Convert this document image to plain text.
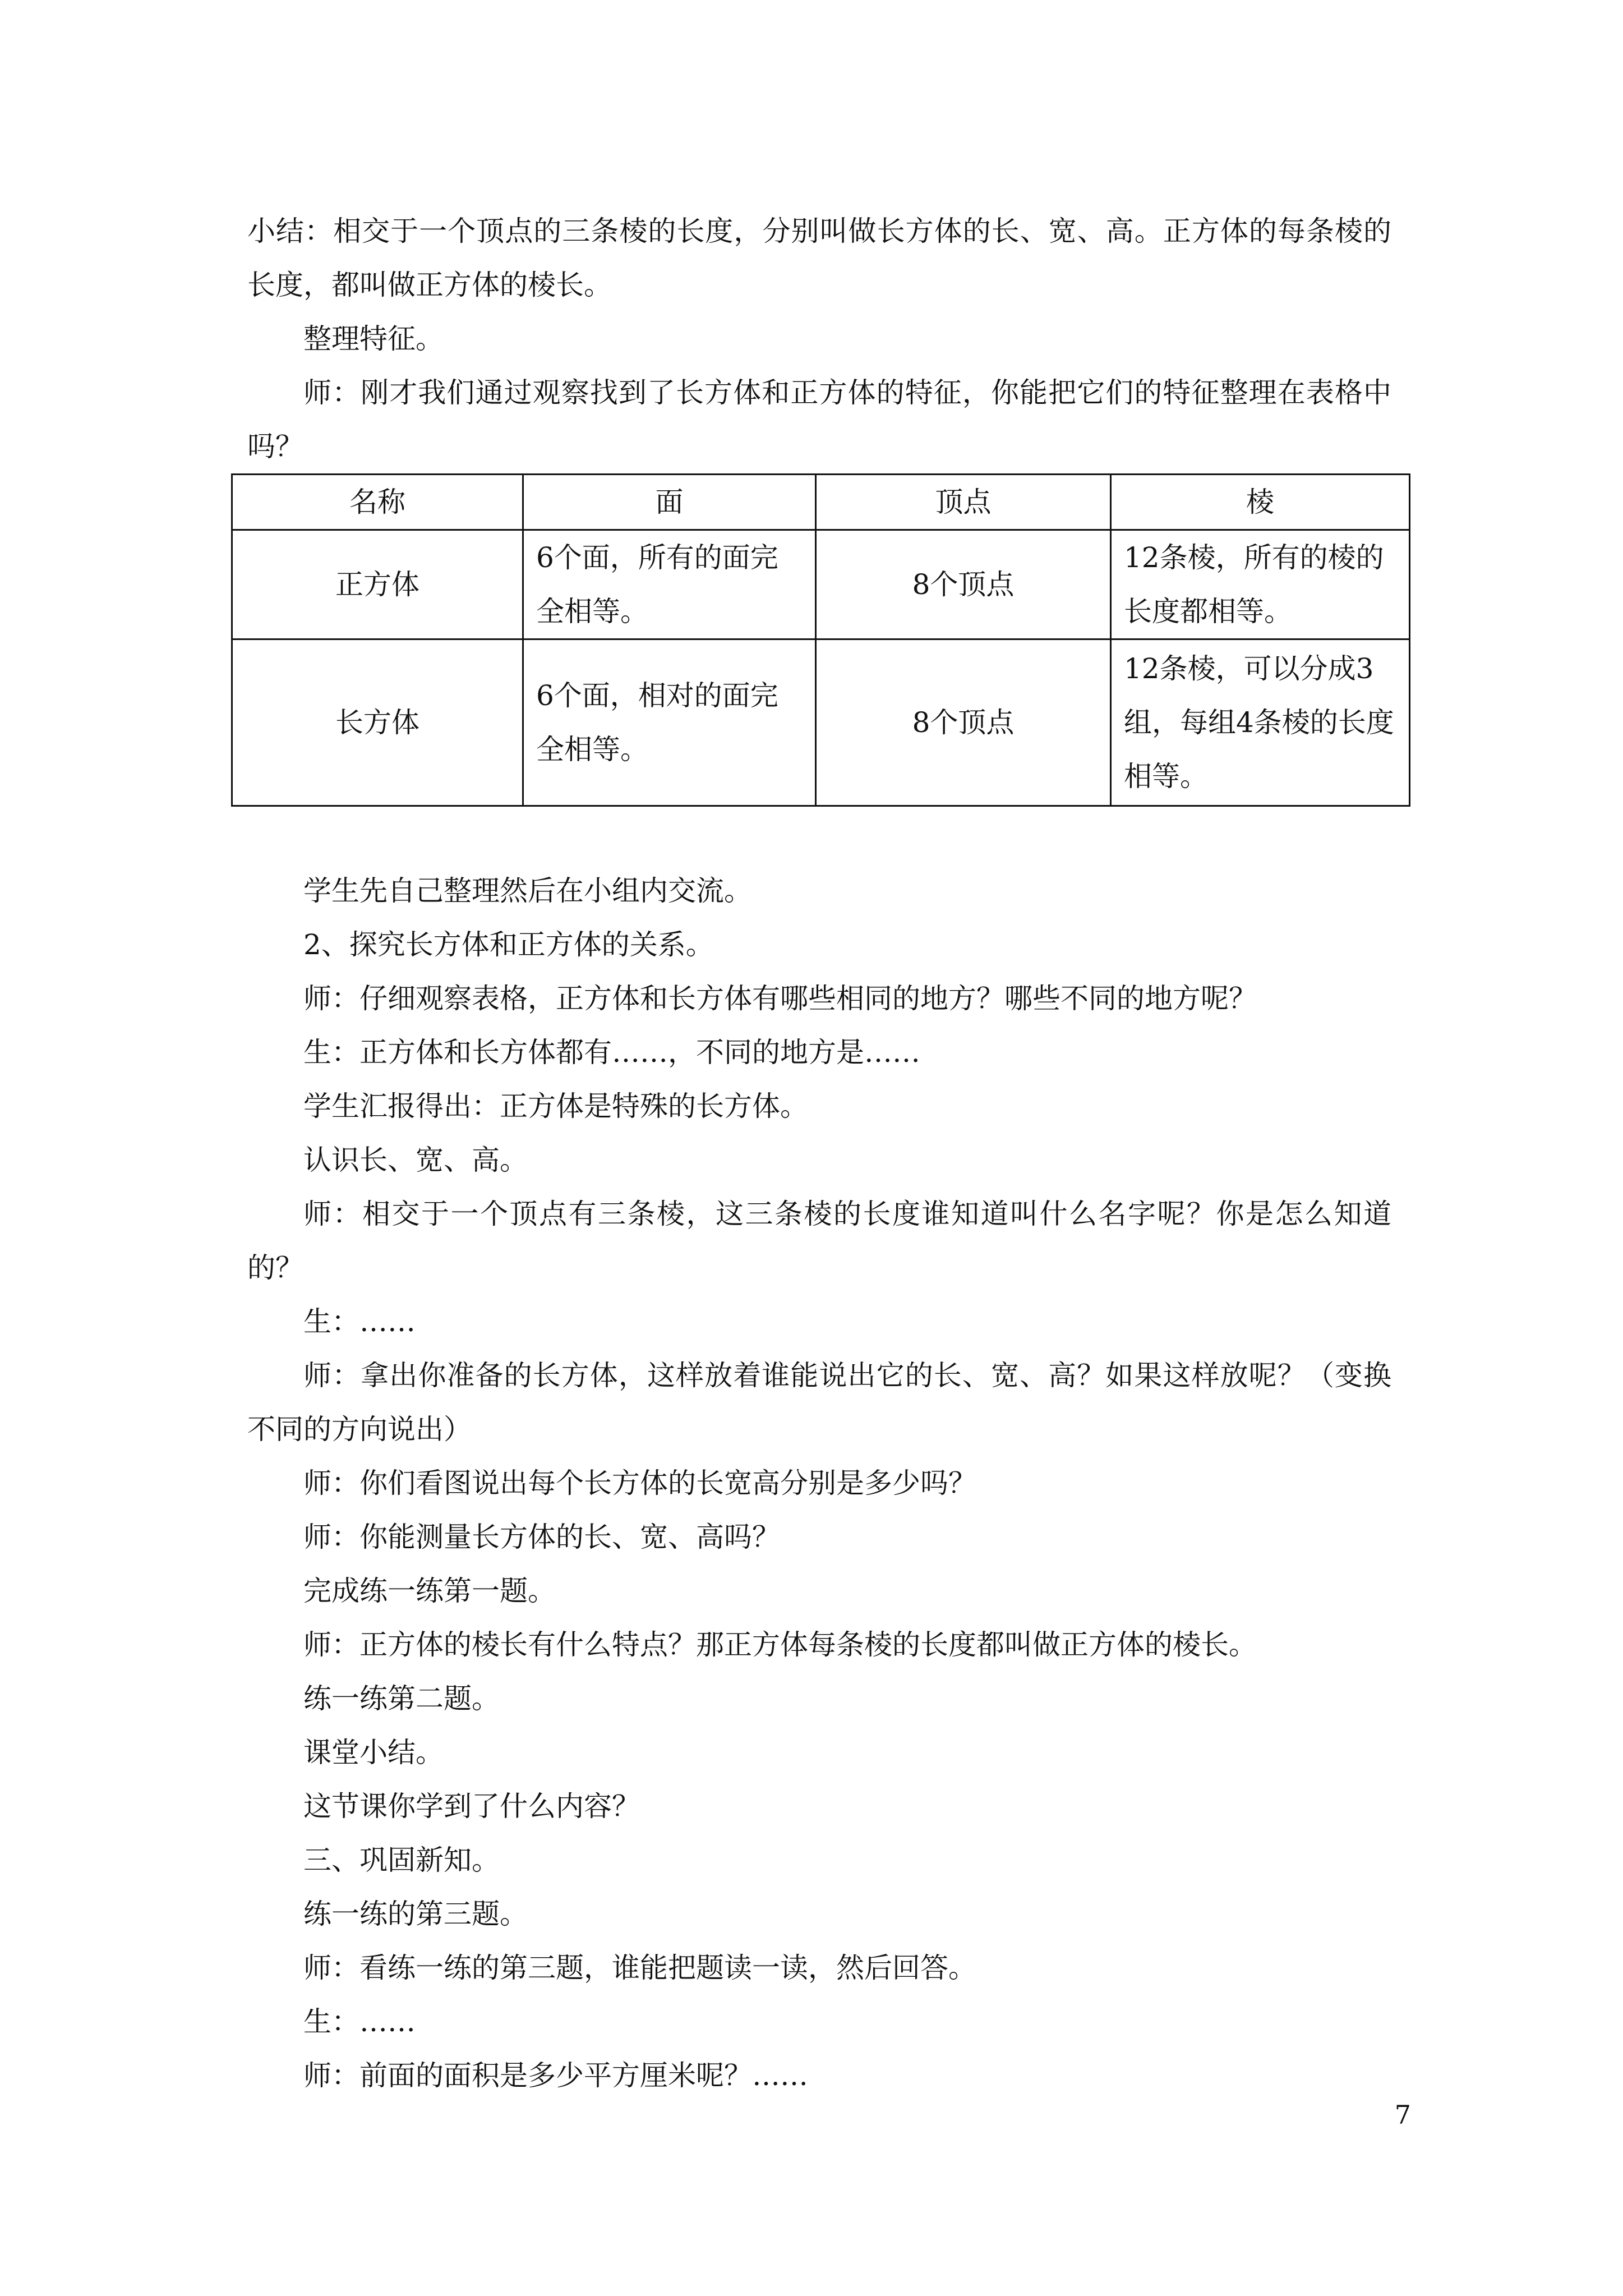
小结：相交于一个顶点的三条棱的长度，分别叫做长方体的长、宽、高。正方体的每条棱的长度，都叫做正方体的棱长。

整理特征。

师：刚才我们通过观察找到了长方体和正方体的特征，你能把它们的特征整理在表格中吗？

名称	面	顶点	棱
正方体	6个面，所有的面完全相等。	8个顶点	12条棱，所有的棱的长度都相等。
长方体	6个面，相对的面完全相等。	8个顶点	12条棱，可以分成3组，每组4条棱的长度相等。

学生先自己整理然后在小组内交流。

2、探究长方体和正方体的关系。

师：仔细观察表格，正方体和长方体有哪些相同的地方？哪些不同的地方呢？

生：正方体和长方体都有……，不同的地方是……

学生汇报得出：正方体是特殊的长方体。

认识长、宽、高。

师：相交于一个顶点有三条棱，这三条棱的长度谁知道叫什么名字呢？你是怎么知道的？

生：……

师：拿出你准备的长方体，这样放着谁能说出它的长、宽、高？如果这样放呢？（变换不同的方向说出）

师：你们看图说出每个长方体的长宽高分别是多少吗？

师：你能测量长方体的长、宽、高吗？

完成练一练第一题。

师：正方体的棱长有什么特点？那正方体每条棱的长度都叫做正方体的棱长。

练一练第二题。

课堂小结。

这节课你学到了什么内容？

三、巩固新知。

练一练的第三题。

师：看练一练的第三题，谁能把题读一读，然后回答。

生：……

师：前面的面积是多少平方厘米呢？……

7
